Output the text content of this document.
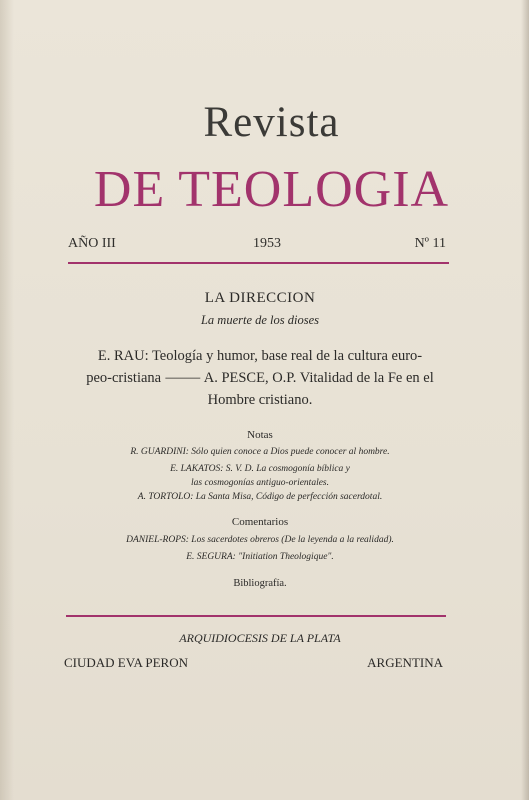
Revista
DE TEOLOGIA
AÑO III	1953	Nº 11
LA DIRECCION
La muerte de los dioses
E. RAU: Teología y humor, base real de la cultura euro-
peo-cristiana ⸻ A. PESCE, O.P. Vitalidad de la Fe en el
Hombre cristiano.
Notas
R. GUARDINI: Sólo quien conoce a Dios puede conocer al hombre.
E. LAKATOS: S. V. D. La cosmogonía bíblica y
las cosmogonías antiguo-orientales.
A. TORTOLO: La Santa Misa, Código de perfección sacerdotal.
Comentarios
DANIEL-ROPS: Los sacerdotes obreros (De la leyenda a la realidad).
E. SEGURA: "Initiation Theologique".
Bibliografía.
ARQUIDIOCESIS DE LA PLATA
CIUDAD EVA PERON	ARGENTINA
